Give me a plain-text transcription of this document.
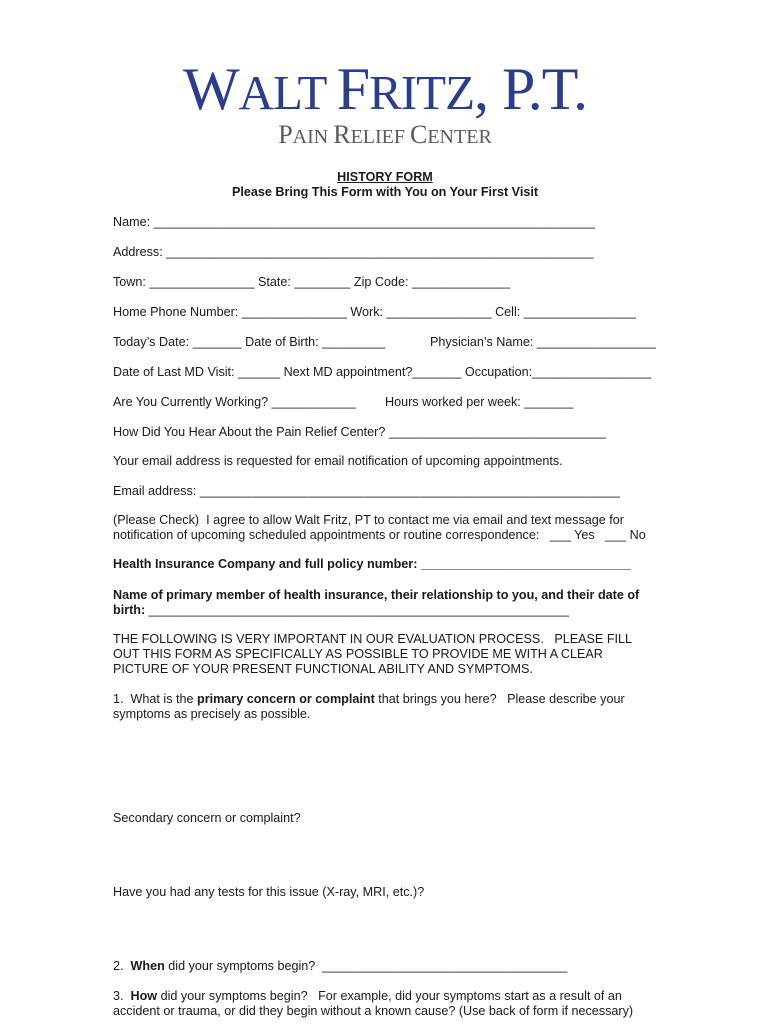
WALT FRITZ, P.T.
PAIN RELIEF CENTER
HISTORY FORM
Please Bring This Form with You on Your First Visit
Name: _______________________________________________________________
Address: _____________________________________________________________
Town: _______________ State: ________ Zip Code: ______________
Home Phone Number: _______________ Work: _______________ Cell: ________________
Today’s Date: _______ Date of Birth: _________	Physician’s Name: _________________
Date of Last MD Visit: ______ Next MD appointment?_______ Occupation:_________________
Are You Currently Working? ____________ Hours worked per week: _______
How Did You Hear About the Pain Relief Center? _______________________________
Your email address is requested for email notification of upcoming appointments.
Email address: ____________________________________________________________
(Please Check)  I agree to allow Walt Fritz, PT to contact me via email and text message for
notification of upcoming scheduled appointments or routine correspondence:   ___ Yes   ___ No
Health Insurance Company and full policy number: ______________________________
Name of primary member of health insurance, their relationship to you, and their date of
birth: ____________________________________________________________
THE FOLLOWING IS VERY IMPORTANT IN OUR EVALUATION PROCESS.   PLEASE FILL
OUT THIS FORM AS SPECIFICALLY AS POSSIBLE TO PROVIDE ME WITH A CLEAR
PICTURE OF YOUR PRESENT FUNCTIONAL ABILITY AND SYMPTOMS.
1.  What is the primary concern or complaint that brings you here?   Please describe your
symptoms as precisely as possible.
Secondary concern or complaint?
Have you had any tests for this issue (X-ray, MRI, etc.)?
2.  When did your symptoms begin?  ___________________________________
3.  How did your symptoms begin?   For example, did your symptoms start as a result of an
accident or trauma, or did they begin without a known cause? (Use back of form if necessary)
